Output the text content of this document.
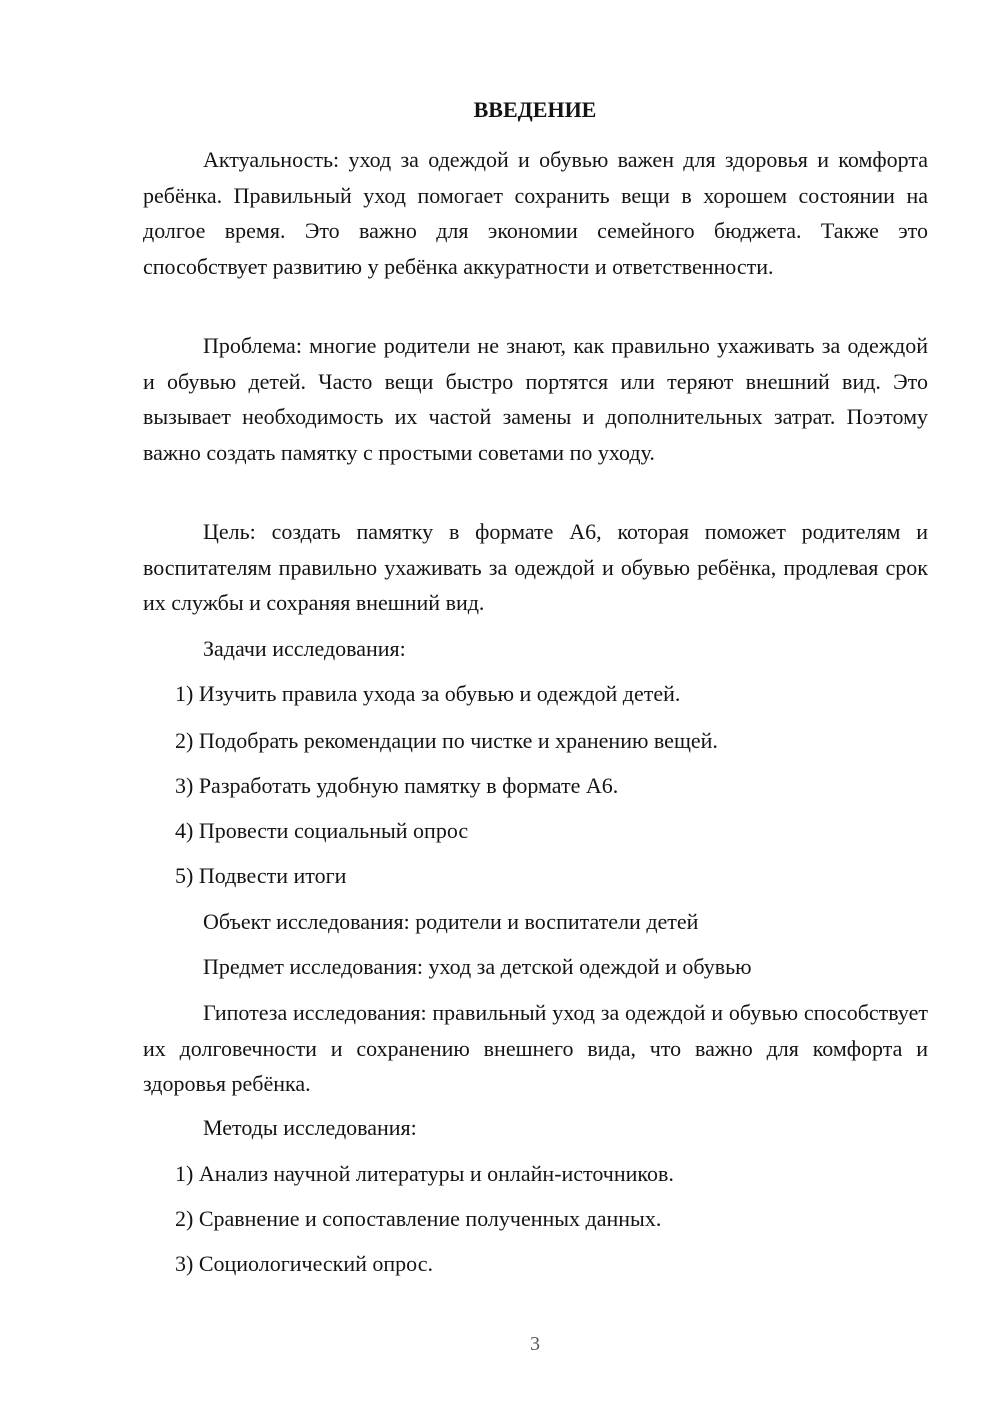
ВВЕДЕНИЕ

Актуальность: уход за одеждой и обувью важен для здоровья и комфорта ребёнка. Правильный уход помогает сохранить вещи в хорошем состоянии на долгое время. Это важно для экономии семейного бюджета. Также это способствует развитию у ребёнка аккуратности и ответственности.

Проблема: многие родители не знают, как правильно ухаживать за одеждой и обувью детей. Часто вещи быстро портятся или теряют внешний вид. Это вызывает необходимость их частой замены и дополнительных затрат. Поэтому важно создать памятку с простыми советами по уходу.

Цель: создать памятку в формате А6, которая поможет родителям и воспитателям правильно ухаживать за одеждой и обувью ребёнка, продлевая срок их службы и сохраняя внешний вид.

Задачи исследования:

1) Изучить правила ухода за обувью и одеждой детей.

2) Подобрать рекомендации по чистке и хранению вещей.

3) Разработать удобную памятку в формате А6.

4) Провести социальный опрос

5) Подвести итоги

Объект исследования: родители и воспитатели детей

Предмет исследования: уход за детской одеждой и обувью

Гипотеза исследования: правильный уход за одеждой и обувью способствует их долговечности и сохранению внешнего вида, что важно для комфорта и здоровья ребёнка.

Методы исследования:

1) Анализ научной литературы и онлайн-источников.

2) Сравнение и сопоставление полученных данных.

3) Социологический опрос.

3
